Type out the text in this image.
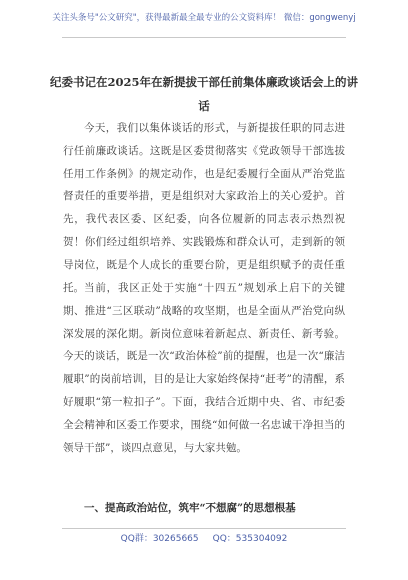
关注头条号"公文研究"，获得最新最全最专业的公文资料库！ 微信：gongwenyj
纪委书记在2025年在新提拔干部任前集体廉政谈话会上的讲话

今天，我们以集体谈话的形式，与新提拔任职的同志进行任前廉政谈话。这既是区委贯彻落实《党政领导干部选拔任用工作条例》的规定动作，也是纪委履行全面从严治党监督责任的重要举措，更是组织对大家政治上的关心爱护。首先，我代表区委、区纪委，向各位履新的同志表示热烈祝贺！你们经过组织培养、实践锻炼和群众认可，走到新的领导岗位，既是个人成长的重要台阶，更是组织赋予的责任重托。 当前，我区正处于实施“十四五”规划承上启下的关键期、推进“三区联动”战略的攻坚期，也是全面从严治党向纵深发展的深化期。新岗位意味着新起点、新责任、新考验。今天的谈话，既是一次“政治体检”前的提醒，也是一次“廉洁履职”的岗前培训，目的是让大家始终保持“赶考”的清醒，系好履职“第一粒扣子”。下面，我结合近期中央、省、市纪委全会精神和区委工作要求，围绕“如何做一名忠诚干净担当的领导干部”，谈四点意见，与大家共勉。

一、提高政治站位，筑牢“不想腐”的思想根基
QQ群：30265665 QQ：535304092
